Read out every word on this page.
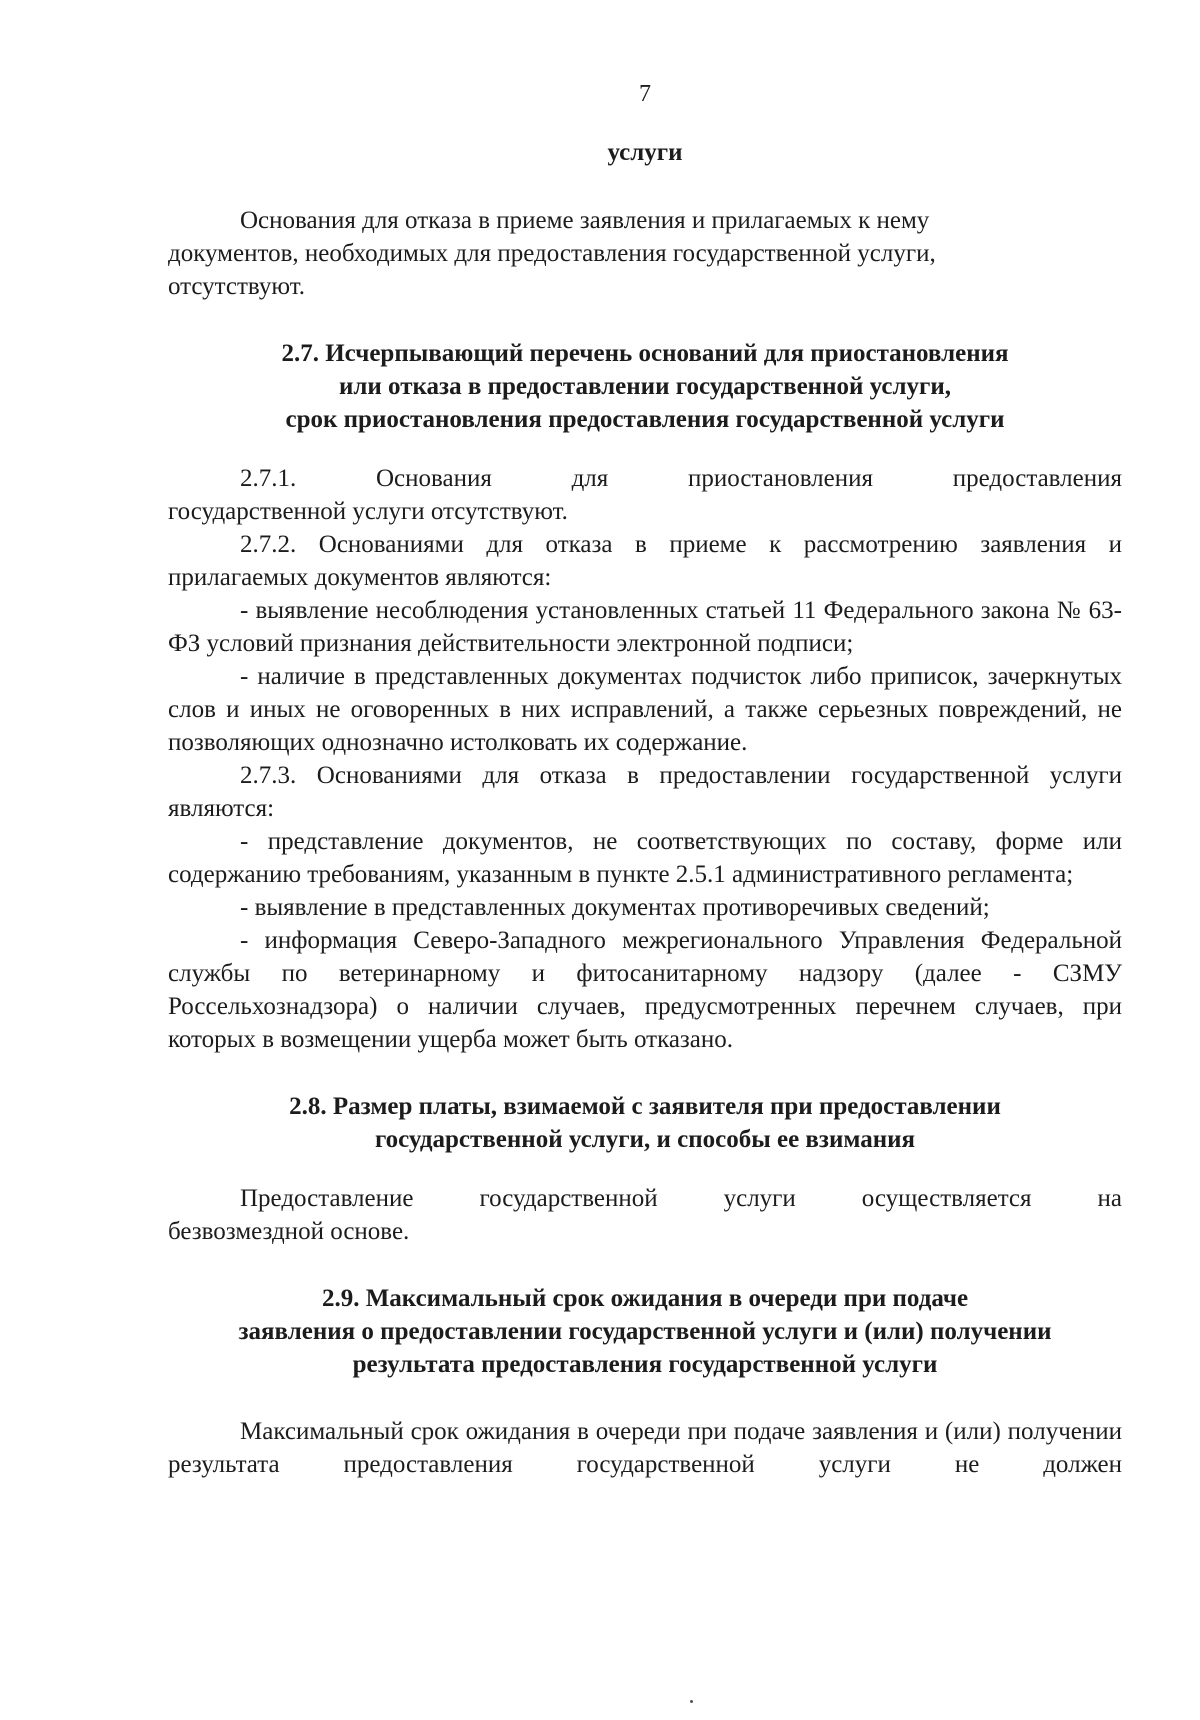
7

услуги

Основания для отказа в приеме заявления и прилагаемых к нему

документов, необходимых для предоставления государственной услуги,

отсутствуют.

2.7. Исчерпывающий перечень оснований для приостановления

или отказа в предоставлении государственной услуги,

срок приостановления предоставления государственной услуги

2.7.1.	Основания	для	приостановления	предоставления

государственной услуги отсутствуют.

2.7.2. Основаниями для отказа в приеме к рассмотрению заявления и прилагаемых документов являются:

- выявление несоблюдения установленных статьей 11 Федерального закона № 63-ФЗ условий признания действительности электронной подписи;

- наличие в представленных документах подчисток либо приписок, зачеркнутых слов и иных не оговоренных в них исправлений, а также серьезных повреждений, не позволяющих однозначно истолковать их содержание.

2.7.3. Основаниями для отказа в предоставлении государственной услуги являются:

- представление документов, не соответствующих по составу, форме или содержанию требованиям, указанным в пункте 2.5.1 административного регламента;

- выявление в представленных документах противоречивых сведений;

- информация Северо-Западного межрегионального Управления Федеральной службы по ветеринарному и фитосанитарному надзору (далее - СЗМУ Россельхознадзора) о наличии случаев, предусмотренных перечнем случаев, при которых в возмещении ущерба может быть отказано.

2.8. Размер платы, взимаемой с заявителя при предоставлении

государственной услуги, и способы ее взимания

Предоставление	государственной	услуги	осуществляется	на

безвозмездной основе.

2.9. Максимальный срок ожидания в очереди при подаче

заявления о предоставлении государственной услуги и (или) получении

результата предоставления государственной услуги

Максимальный срок ожидания в очереди при подаче заявления и (или) получении результата предоставления государственной услуги не должен
